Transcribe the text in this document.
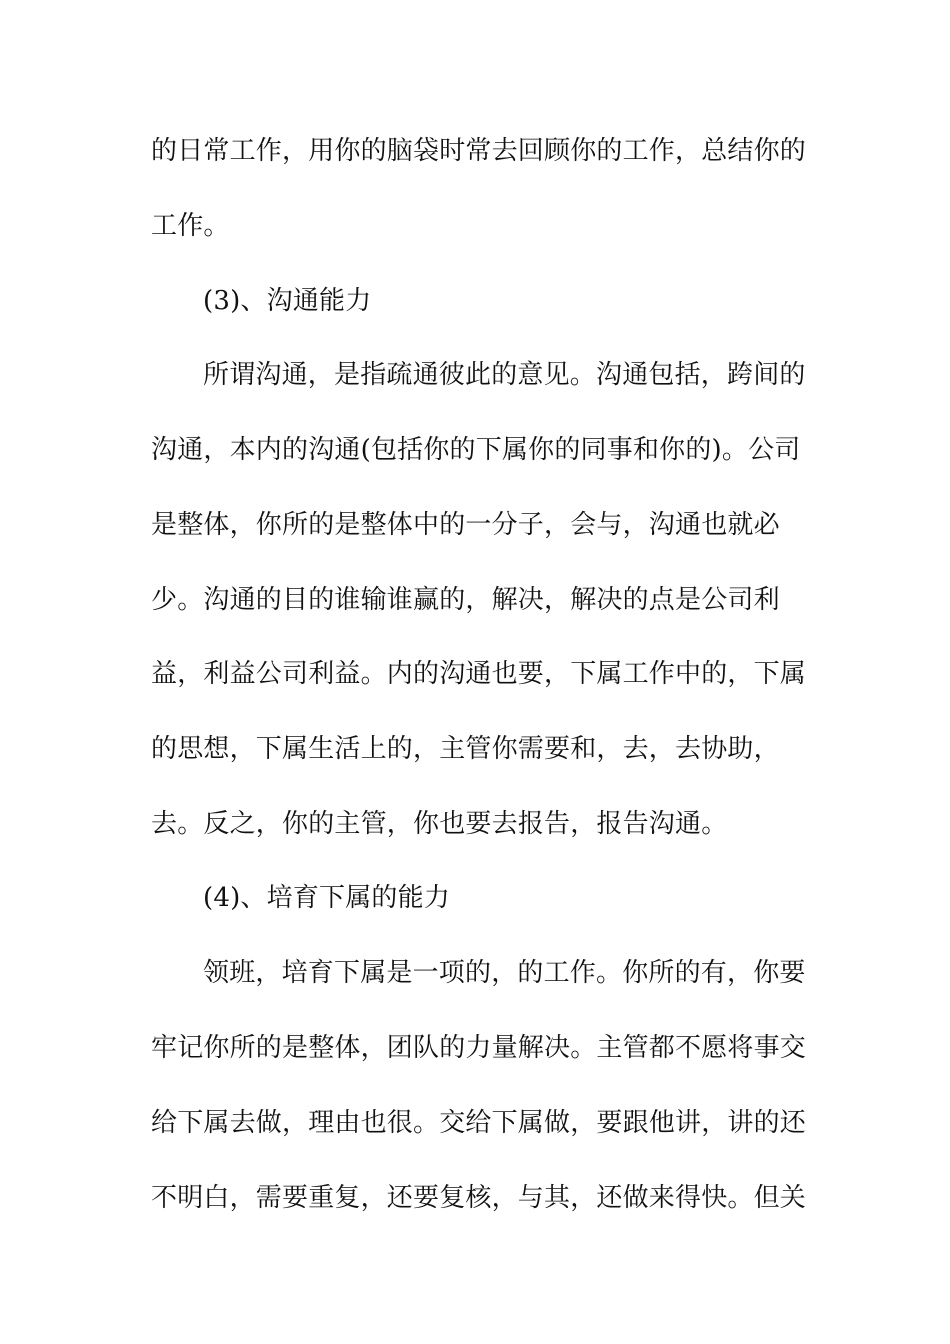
的日常工作，用你的脑袋时常去回顾你的工作，总结你的
工作。
(3)、沟通能力
所谓沟通，是指疏通彼此的意见。沟通包括，跨间的
沟通，本内的沟通(包括你的下属你的同事和你的)。公司
是整体，你所的是整体中的一分子，会与，沟通也就必
少。沟通的目的谁输谁赢的，解决，解决的点是公司利
益，利益公司利益。内的沟通也要，下属工作中的，下属
的思想，下属生活上的，主管你需要和，去，去协助，
去。反之，你的主管，你也要去报告，报告沟通。
(4)、培育下属的能力
领班，培育下属是一项的，的工作。你所的有，你要
牢记你所的是整体，团队的力量解决。主管都不愿将事交
给下属去做，理由也很。交给下属做，要跟他讲，讲的还
不明白，需要重复，还要复核，与其，还做来得快。但关
